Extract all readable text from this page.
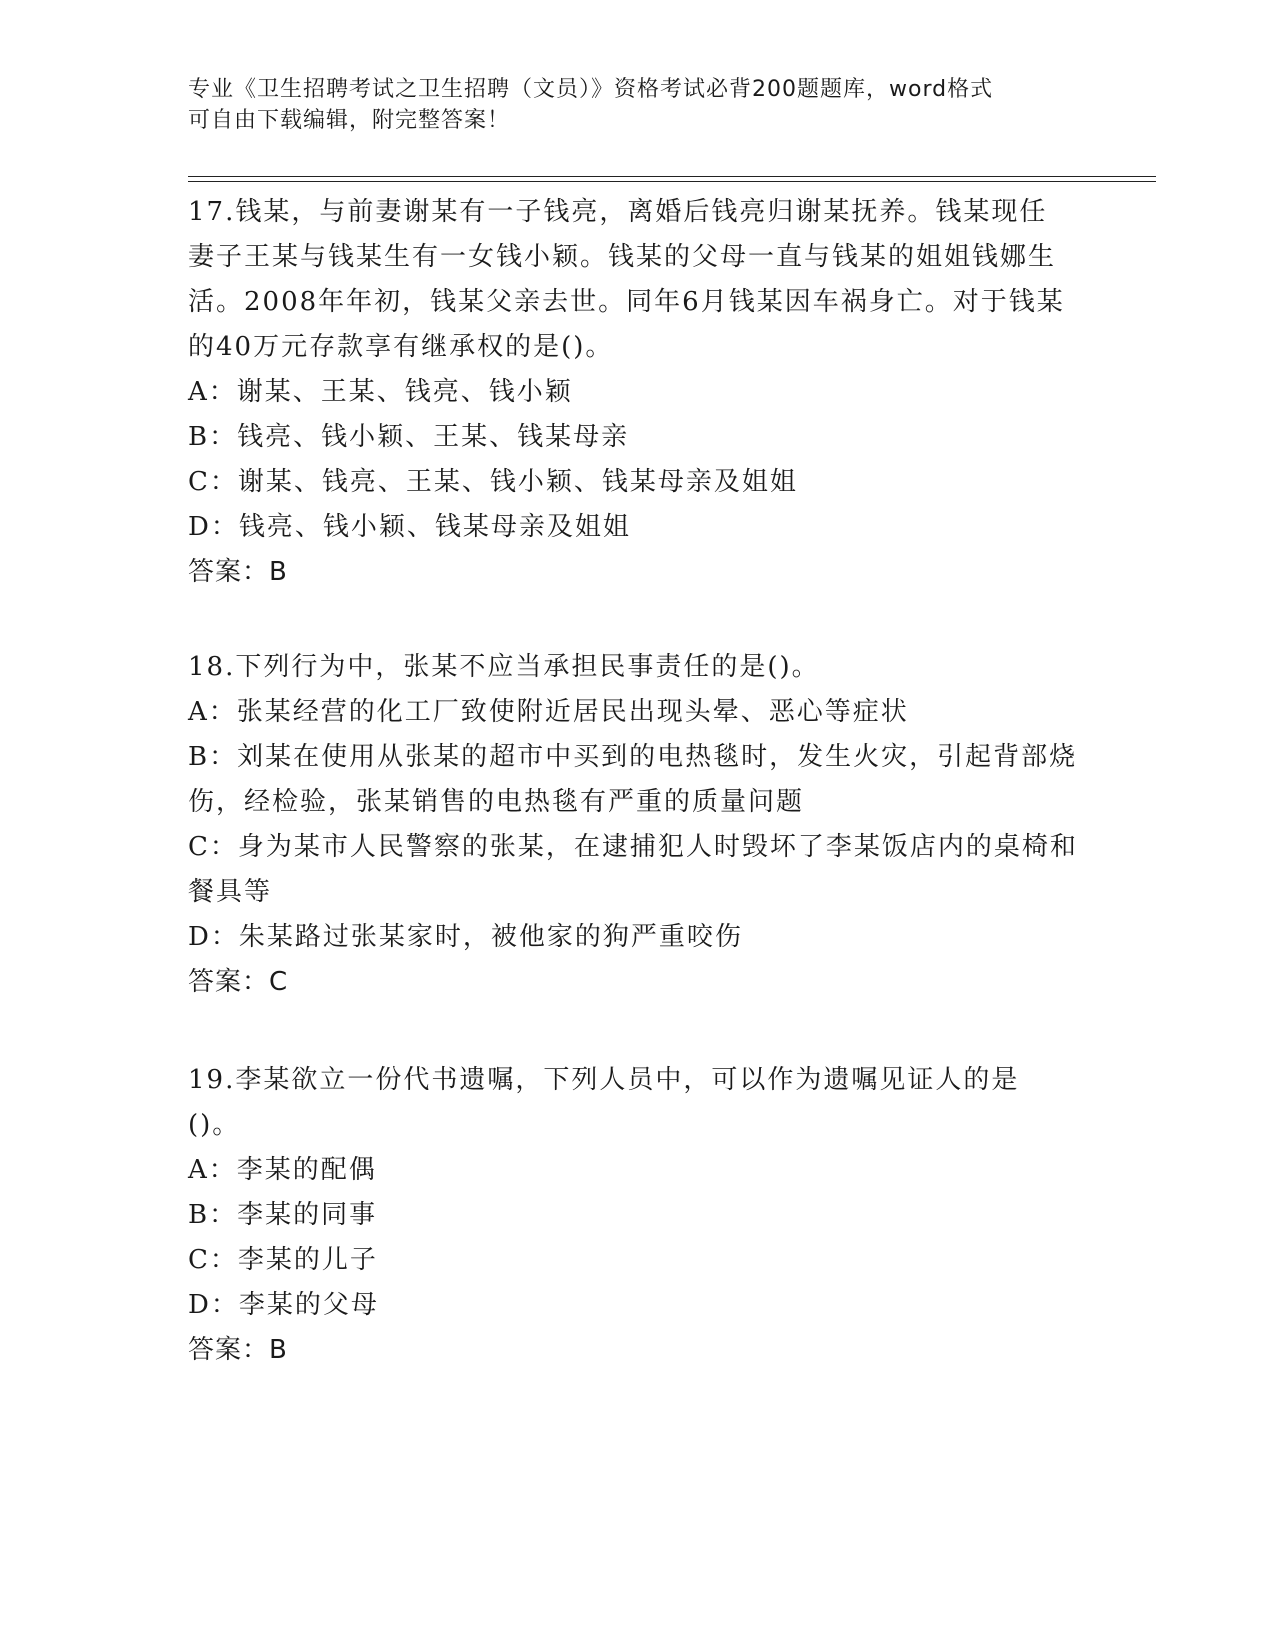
专业《卫生招聘考试之卫生招聘（文员）》资格考试必背200题题库，word格式
可自由下载编辑，附完整答案！

17.钱某，与前妻谢某有一子钱亮，离婚后钱亮归谢某抚养。钱某现任妻子王某与钱某生有一女钱小颖。钱某的父母一直与钱某的姐姐钱娜生活。2008年年初，钱某父亲去世。同年6月钱某因车祸身亡。对于钱某的40万元存款享有继承权的是()。

A：谢某、王某、钱亮、钱小颖

B：钱亮、钱小颖、王某、钱某母亲

C：谢某、钱亮、王某、钱小颖、钱某母亲及姐姐

D：钱亮、钱小颖、钱某母亲及姐姐

答案：B

18.下列行为中，张某不应当承担民事责任的是()。

A：张某经营的化工厂致使附近居民出现头晕、恶心等症状

B：刘某在使用从张某的超市中买到的电热毯时，发生火灾，引起背部烧伤，经检验，张某销售的电热毯有严重的质量问题

C：身为某市人民警察的张某，在逮捕犯人时毁坏了李某饭店内的桌椅和餐具等

D：朱某路过张某家时，被他家的狗严重咬伤

答案：C

19.李某欲立一份代书遗嘱，下列人员中，可以作为遗嘱见证人的是()。

A：李某的配偶

B：李某的同事

C：李某的儿子

D：李某的父母

答案：B
